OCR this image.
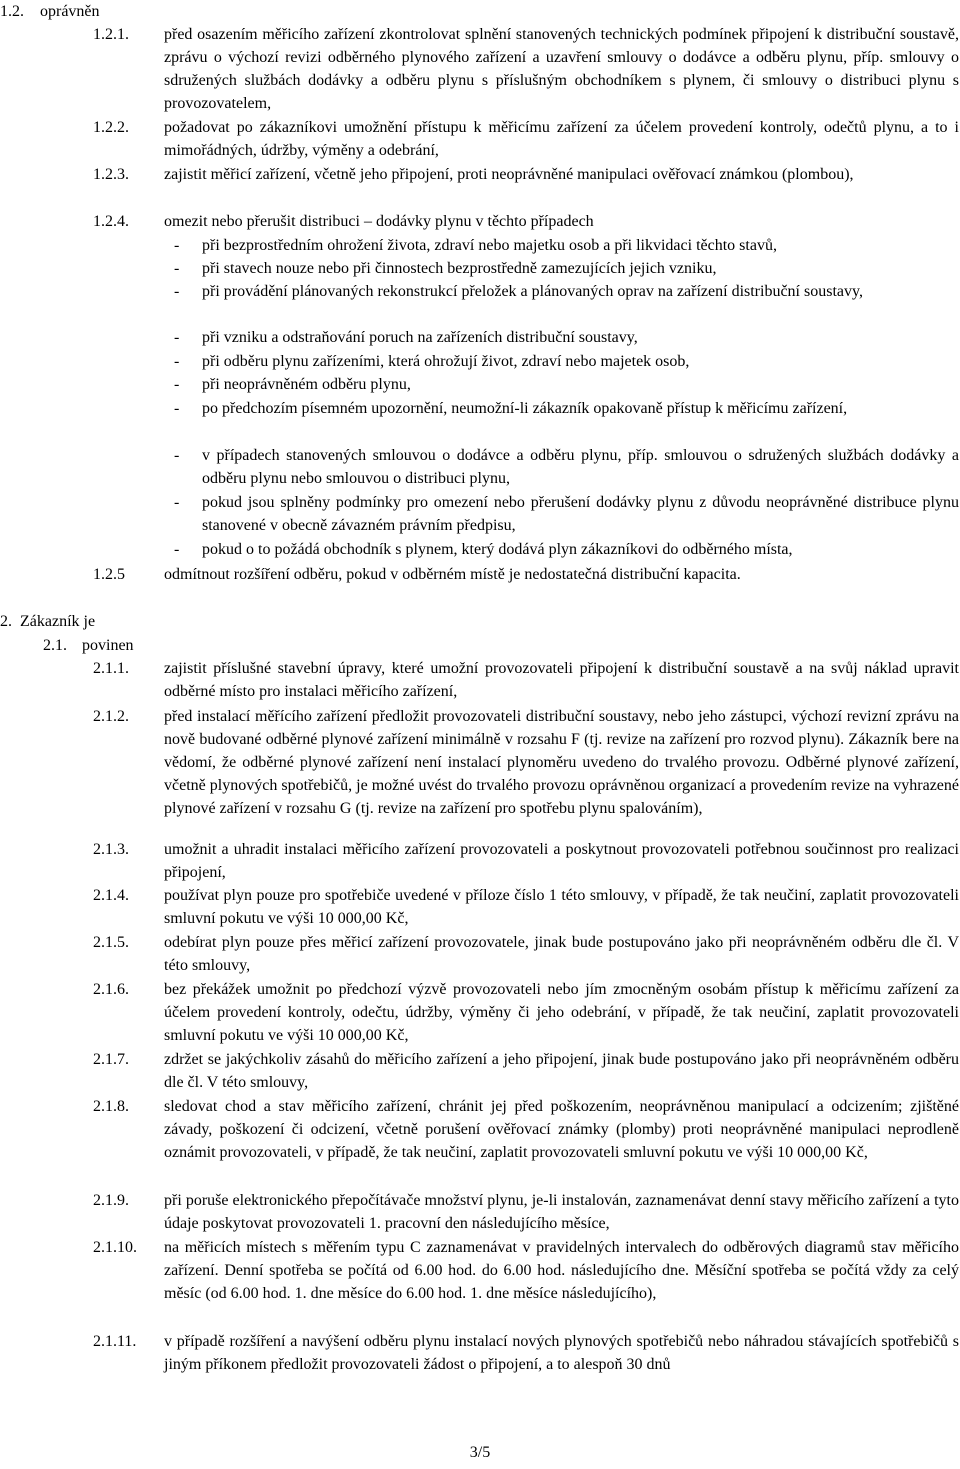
1.2. oprávněn
1.2.1. před osazením měřicího zařízení zkontrolovat splnění stanovených technických podmínek připojení k distribuční soustavě, zprávu o výchozí revizi odběrného plynového zařízení a uzavření smlouvy o dodávce a odběru plynu, příp. smlouvy o sdružených službách dodávky a odběru plynu s příslušným obchodníkem s plynem, či smlouvy o distribuci plynu s provozovatelem,
1.2.2. požadovat po zákazníkovi umožnění přístupu k měřicímu zařízení za účelem provedení kontroly, odečtů plynu, a to i mimořádných, údržby, výměny a odebrání,
1.2.3. zajistit měřicí zařízení, včetně jeho připojení, proti neoprávněné manipulaci ověřovací známkou (plombou),
1.2.4. omezit nebo přerušit distribuci – dodávky plynu v těchto případech
- při bezprostředním ohrožení života, zdraví nebo majetku osob a při likvidaci těchto stavů,
- při stavech nouze nebo při činnostech bezprostředně zamezujících jejich vzniku,
- při provádění plánovaných rekonstrukcí přeložek a plánovaných oprav na zařízení distribuční soustavy,
- při vzniku a odstraňování poruch na zařízeních distribuční soustavy,
- při odběru plynu zařízeními, která ohrožují život, zdraví nebo majetek osob,
- při neoprávněném odběru plynu,
- po předchozím písemném upozornění, neumožní-li zákazník opakovaně přístup k měřicímu zařízení,
- v případech stanovených smlouvou o dodávce a odběru plynu, příp. smlouvou o sdružených službách dodávky a odběru plynu nebo smlouvou o distribuci plynu,
- pokud jsou splněny podmínky pro omezení nebo přerušení dodávky plynu z důvodu neoprávněné distribuce plynu stanovené v obecně závazném právním předpisu,
- pokud o to požádá obchodník s plynem, který dodává plyn zákazníkovi do odběrného místa,
1.2.5 odmítnout rozšíření odběru, pokud v odběrném místě je nedostatečná distribuční kapacita.
2. Zákazník je
2.1. povinen
2.1.1. zajistit příslušné stavební úpravy, které umožní provozovateli připojení k distribuční soustavě a na svůj náklad upravit odběrné místo pro instalaci měřicího zařízení,
2.1.2. před instalací měřícího zařízení předložit provozovateli distribuční soustavy, nebo jeho zástupci, výchozí revizní zprávu na nově budované odběrné plynové zařízení minimálně v rozsahu F (tj. revize na zařízení pro rozvod plynu). Zákazník bere na vědomí, že odběrné plynové zařízení není instalací plynoměru uvedeno do trvalého provozu. Odběrné plynové zařízení, včetně plynových spotřebičů, je možné uvést do trvalého provozu oprávněnou organizací a provedením revize na vyhrazené plynové zařízení v rozsahu G (tj. revize na zařízení pro spotřebu plynu spalováním),
2.1.3. umožnit a uhradit instalaci měřicího zařízení provozovateli a poskytnout provozovateli potřebnou součinnost pro realizaci připojení,
2.1.4. používat plyn pouze pro spotřebiče uvedené v příloze číslo 1 této smlouvy, v případě, že tak neučiní, zaplatit provozovateli smluvní pokutu ve výši 10 000,00 Kč,
2.1.5. odebírat plyn pouze přes měřicí zařízení provozovatele, jinak bude postupováno jako při neoprávněném odběru dle čl. V této smlouvy,
2.1.6. bez překážek umožnit po předchozí výzvě provozovateli nebo jím zmocněným osobám přístup k měřicímu zařízení za účelem provedení kontroly, odečtu, údržby, výměny či jeho odebrání, v případě, že tak neučiní, zaplatit provozovateli smluvní pokutu ve výši 10 000,00 Kč,
2.1.7. zdržet se jakýchkoliv zásahů do měřicího zařízení a jeho připojení, jinak bude postupováno jako při neoprávněném odběru dle čl. V této smlouvy,
2.1.8. sledovat chod a stav měřicího zařízení, chránit jej před poškozením, neoprávněnou manipulací a odcizením; zjištěné závady, poškození či odcizení, včetně porušení ověřovací známky (plomby) proti neoprávněné manipulaci neprodleně oznámit provozovateli, v případě, že tak neučiní, zaplatit provozovateli smluvní pokutu ve výši 10 000,00 Kč,
2.1.9. při poruše elektronického přepočítávače množství plynu, je-li instalován, zaznamenávat denní stavy měřicího zařízení a tyto údaje poskytovat provozovateli 1. pracovní den následujícího měsíce,
2.1.10. na měřicích místech s měřením typu C zaznamenávat v pravidelných intervalech do odběrových diagramů stav měřicího zařízení. Denní spotřeba se počítá od 6.00 hod. do 6.00 hod. následujícího dne. Měsíční spotřeba se počítá vždy za celý měsíc (od 6.00 hod. 1. dne měsíce do 6.00 hod. 1. dne měsíce následujícího),
2.1.11. v případě rozšíření a navýšení odběru plynu instalací nových plynových spotřebičů nebo náhradou stávajících spotřebičů s jiným příkonem předložit provozovateli žádost o připojení, a to alespoň 30 dnů
3/5
